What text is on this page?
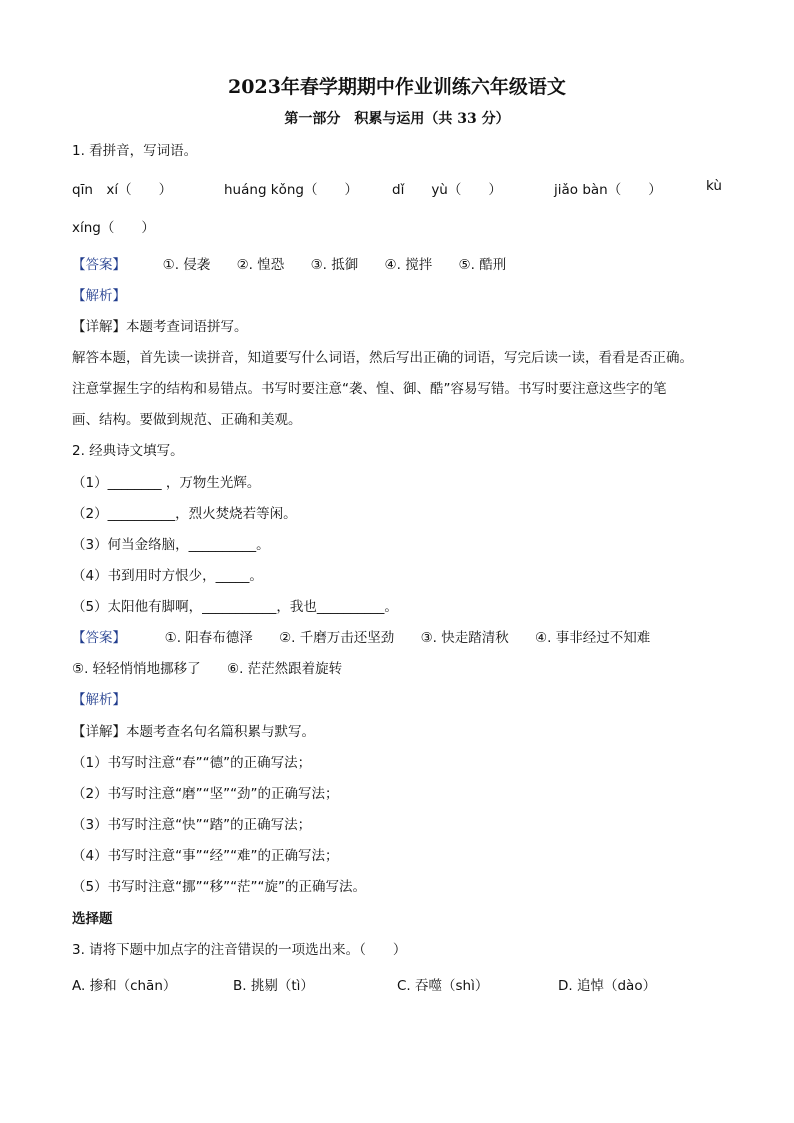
2023年春学期期中作业训练六年级语文
第一部分　积累与运用（共 33 分）
1. 看拼音，写词语。
qīn　xí（　　）	huáng kǒng（　　）	dǐ　　yù（　　）	jiǎo bàn（　　）	kù
xíng（　　）
【答案】	①. 侵袭 ②. 惶恐 ③. 抵御 ④. 搅拌 ⑤. 酷刑
【解析】
【详解】本题考查词语拼写。
解答本题，首先读一读拼音，知道要写什么词语，然后写出正确的词语，写完后读一读，看看是否正确。
注意掌握生字的结构和易错点。书写时要注意“袭、惶、御、酷”容易写错。书写时要注意这些字的笔
画、结构。要做到规范、正确和美观。
2. 经典诗文填写。
（1）________ ，万物生光辉。
（2）__________，烈火焚烧若等闲。
（3）何当金络脑，__________。
（4）书到用时方恨少，_____。
（5）太阳他有脚啊，___________，我也__________。
【答案】	①. 阳春布德泽 ②. 千磨万击还坚劲 ③. 快走踏清秋 ④. 事非经过不知难
⑤. 轻轻悄悄地挪移了 ⑥. 茫茫然跟着旋转
【解析】
【详解】本题考查名句名篇积累与默写。
（1）书写时注意“春”“德”的正确写法；
（2）书写时注意“磨”“坚”“劲”的正确写法；
（3）书写时注意“快”“踏”的正确写法；
（4）书写时注意“事”“经”“难”的正确写法；
（5）书写时注意“挪”“移”“茫”“旋”的正确写法。
选择题
3. 请将下题中加点字的注音错误的一项选出来。（　　）
A. 掺和（chān）	B. 挑剔（tì）	C. 吞噬（shì）	D. 追悼（dào）
